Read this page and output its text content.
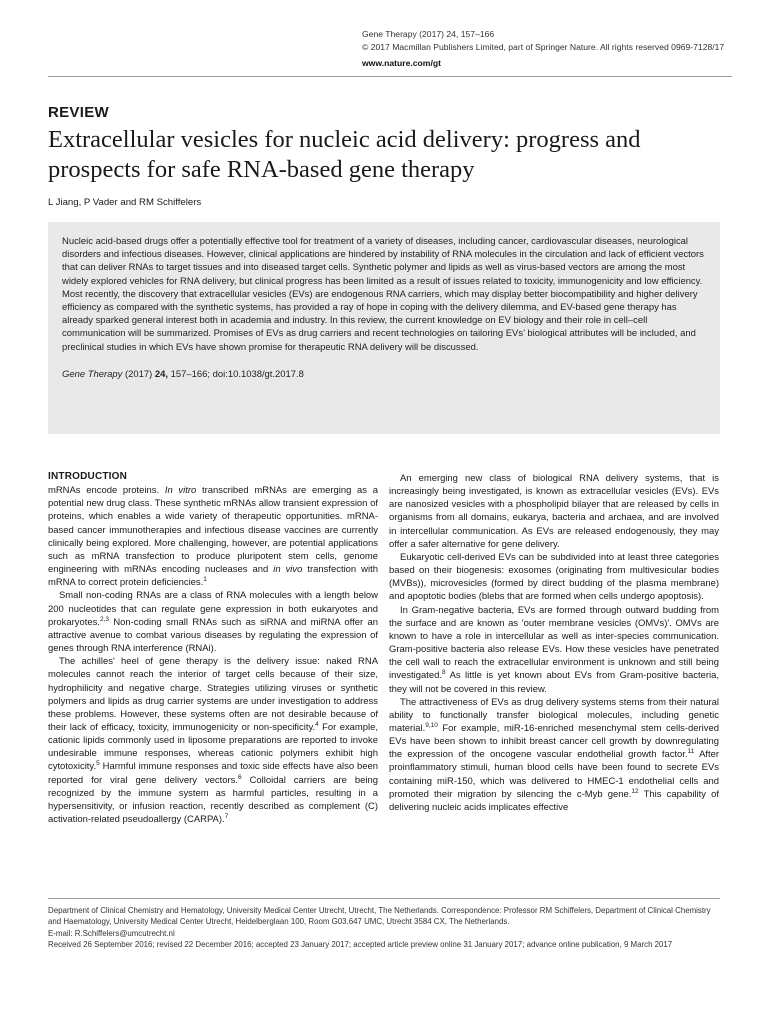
Gene Therapy (2017) 24, 157–166
© 2017 Macmillan Publishers Limited, part of Springer Nature. All rights reserved 0969-7128/17
www.nature.com/gt
REVIEW
Extracellular vesicles for nucleic acid delivery: progress and prospects for safe RNA-based gene therapy
L Jiang, P Vader and RM Schiffelers

Nucleic acid-based drugs offer a potentially effective tool for treatment of a variety of diseases, including cancer, cardiovascular diseases, neurological disorders and infectious diseases. However, clinical applications are hindered by instability of RNA molecules in the circulation and lack of efficient vectors that can deliver RNAs to target tissues and into diseased target cells. Synthetic polymer and lipids as well as virus-based vectors are among the most widely explored vehicles for RNA delivery, but clinical progress has been limited as a result of issues related to toxicity, immunogenicity and low efficiency. Most recently, the discovery that extracellular vesicles (EVs) are endogenous RNA carriers, which may display better biocompatibility and higher delivery efficiency as compared with the synthetic systems, has provided a ray of hope in coping with the delivery dilemma, and EV-based gene therapy has already sparked general interest both in academia and industry. In this review, the current knowledge on EV biology and their role in cell–cell communication will be summarized. Promises of EVs as drug carriers and recent technologies on tailoring EVs’ biological attributes will be included, and preclinical studies in which EVs have shown promise for therapeutic RNA delivery will be discussed.

Gene Therapy (2017) 24, 157–166; doi:10.1038/gt.2017.8

INTRODUCTION

mRNAs encode proteins. In vitro transcribed mRNAs are emerging as a potential new drug class. These synthetic mRNAs allow transient expression of proteins, which enables a wide variety of therapeutic opportunities. mRNA-based cancer immunotherapies and infectious disease vaccines are currently clinically being explored. More challenging, however, are potential applications such as mRNA transfection to produce pluripotent stem cells, genome engineering with mRNAs encoding nucleases and in vivo transfection with mRNA to correct protein deficiencies.$^1$

Small non-coding RNAs are a class of RNA molecules with a length below 200 nucleotides that can regulate gene expression in both eukaryotes and prokaryotes.$^{2,3}$ Non-coding small RNAs such as siRNA and miRNA offer an attractive avenue to combat various diseases by regulating the expression of genes through RNA interference (RNAi).

The achilles' heel of gene therapy is the delivery issue: naked RNA molecules cannot reach the interior of target cells because of their size, hydrophilicity and negative charge. Strategies utilizing viruses or synthetic polymers and lipids as drug carrier systems are under investigation to address these problems. However, these systems often are not desirable because of their lack of efficacy, toxicity, immunogenicity or non-specificity.$^4$ For example, cationic lipids commonly used in liposome preparations are reported to invoke undesirable immune responses, whereas cationic polymers exhibit high cytotoxicity.$^5$ Harmful immune responses and toxic side effects have also been reported for viral gene delivery vectors.$^6$ Colloidal carriers are being recognized by the immune system as harmful particles, resulting in a hypersensitivity, or infusion reaction, recently described as complement (C) activation-related pseudoallergy (CARPA).$^7$

An emerging new class of biological RNA delivery systems, that is increasingly being investigated, is known as extracellular vesicles (EVs). EVs are nanosized vesicles with a phospholipid bilayer that are released by cells in organisms from all domains, eukarya, bacteria and archaea, and are involved in intercellular communication. As EVs are released endogenously, they may offer a safer alternative for gene delivery.

Eukaryotic cell-derived EVs can be subdivided into at least three categories based on their biogenesis: exosomes (originating from multivesicular bodies (MVBs)), microvesicles (formed by direct budding of the plasma membrane) and apoptotic bodies (blebs that are formed when cells undergo apoptosis).

In Gram-negative bacteria, EVs are formed through outward budding from the surface and are known as 'outer membrane vesicles (OMVs)'. OMVs are known to have a role in intercellular as well as inter-species communication. Gram-positive bacteria also release EVs. How these vesicles have penetrated the cell wall to reach the extracellular environment is unknown and still being investigated.$^8$ As little is yet known about EVs from Gram-positive bacteria, they will not be covered in this review.

The attractiveness of EVs as drug delivery systems stems from their natural ability to functionally transfer biological molecules, including genetic material.$^{9,10}$ For example, miR-16-enriched mesenchymal stem cells-derived EVs have been shown to inhibit breast cancer cell growth by downregulating the expression of the oncogene vascular endothelial growth factor.$^{11}$ After proinflammatory stimuli, human blood cells have been found to secrete EVs containing miR-150, which was delivered to HMEC-1 endothelial cells and promoted their migration by silencing the c-Myb gene.$^{12}$ This capability of delivering nucleic acids implicates effective

Department of Clinical Chemistry and Hematology, University Medical Center Utrecht, Utrecht, The Netherlands. Correspondence: Professor RM Schiffelers, Department of Clinical Chemistry and Haematology, University Medical Center Utrecht, Heidelberglaan 100, Room G03.647 UMC, Utrecht 3584 CX, The Netherlands.

E-mail: R.Schiffelers@umcutrecht.nl

Received 26 September 2016; revised 22 December 2016; accepted 23 January 2017; accepted article preview online 31 January 2017; advance online publication, 9 March 2017
